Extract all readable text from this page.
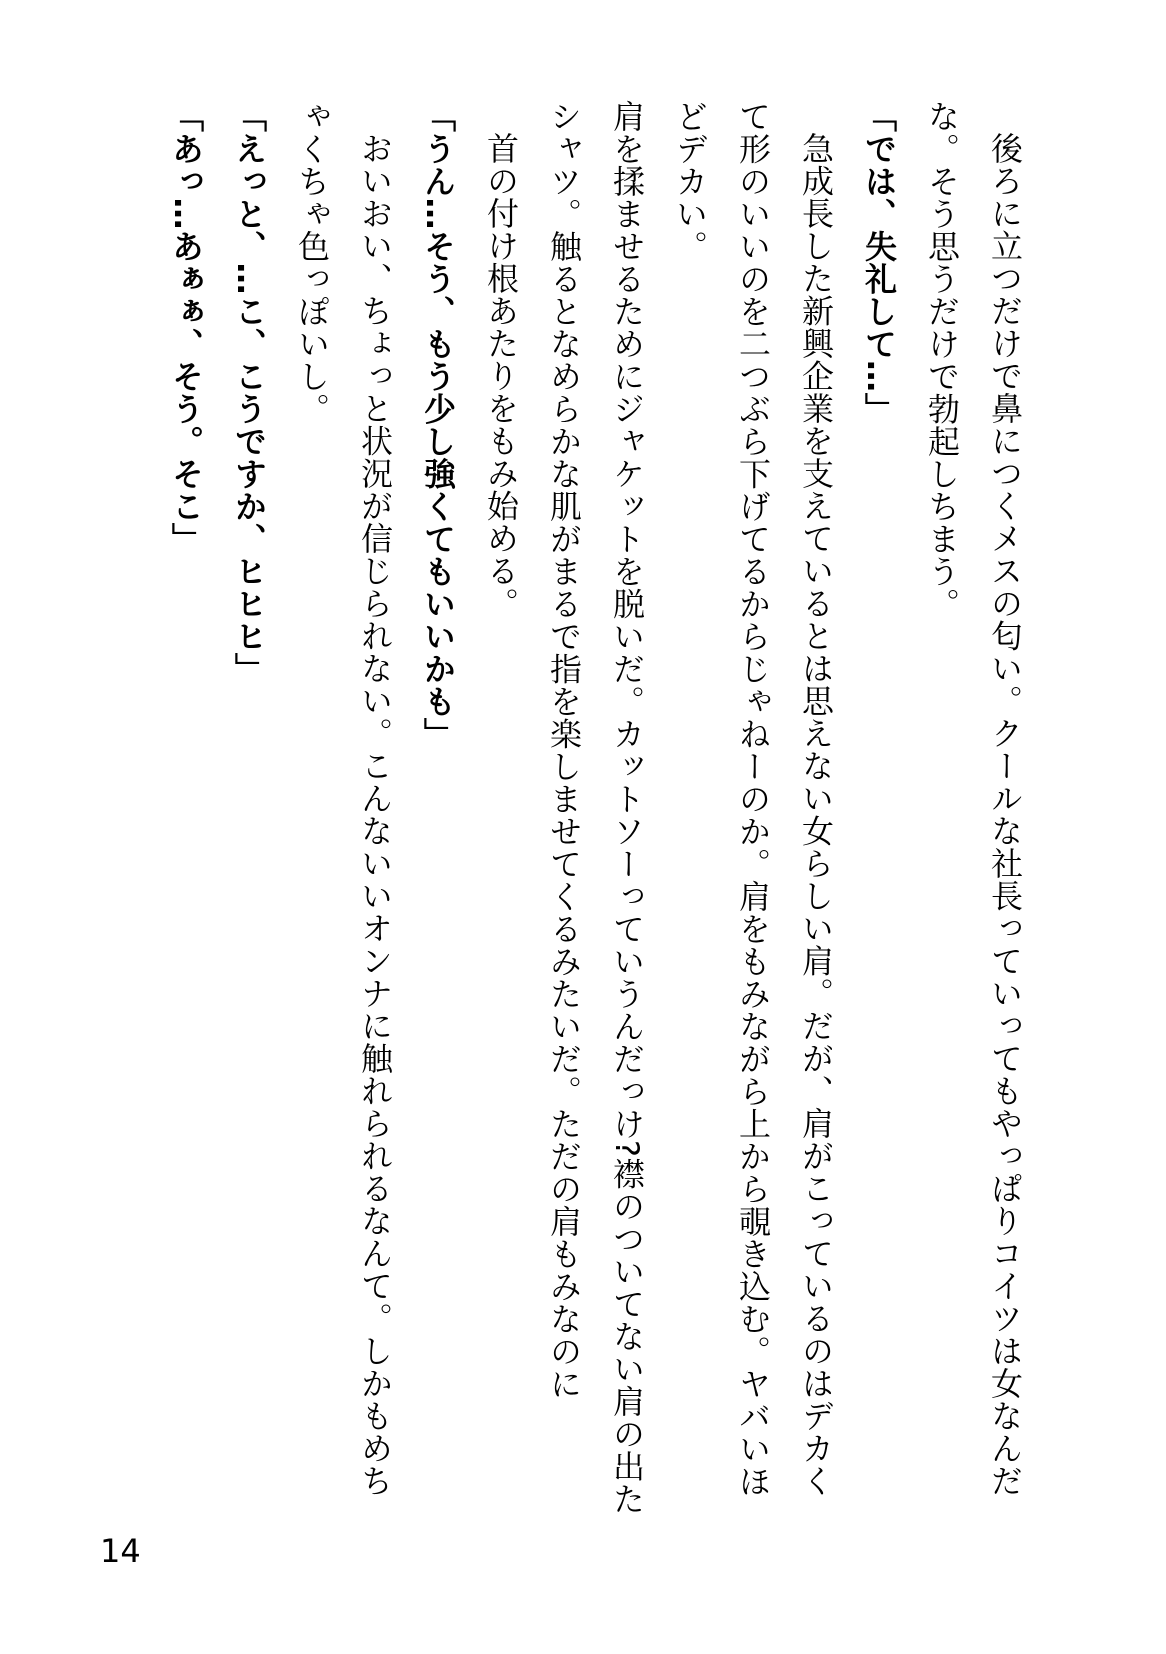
後ろに立つだけで鼻につくメスの匂い。クールな社長っていってもやっぱりコイツは女なんだな。そう思うだけで勃起しちまう。

「では、失礼して…」

急成長した新興企業を支えているとは思えない女らしい肩。だが、肩がこっているのはデカくて形のいいのを二つぶら下げてるからじゃねーのか。肩をもみながら上から覗き込む。ヤバいほどデカい。

肩を揉ませるためにジャケットを脱いだ。カットソーっていうんだっけ?襟のついてない肩の出たシャツ。触るとなめらかな肌がまるで指を楽しませてくるみたいだ。ただの肩もみなのに

首の付け根あたりをもみ始める。

「うん…そう、もう少し強くてもいいかも」

おいおい、ちょっと状況が信じられない。こんないいオンナに触れられるなんて。しかもめちゃくちゃ色っぽいし。

「えっと、…こ、こうですか、ヒヒヒ」

「あっ…あぁぁ、そう。そこ」

14
